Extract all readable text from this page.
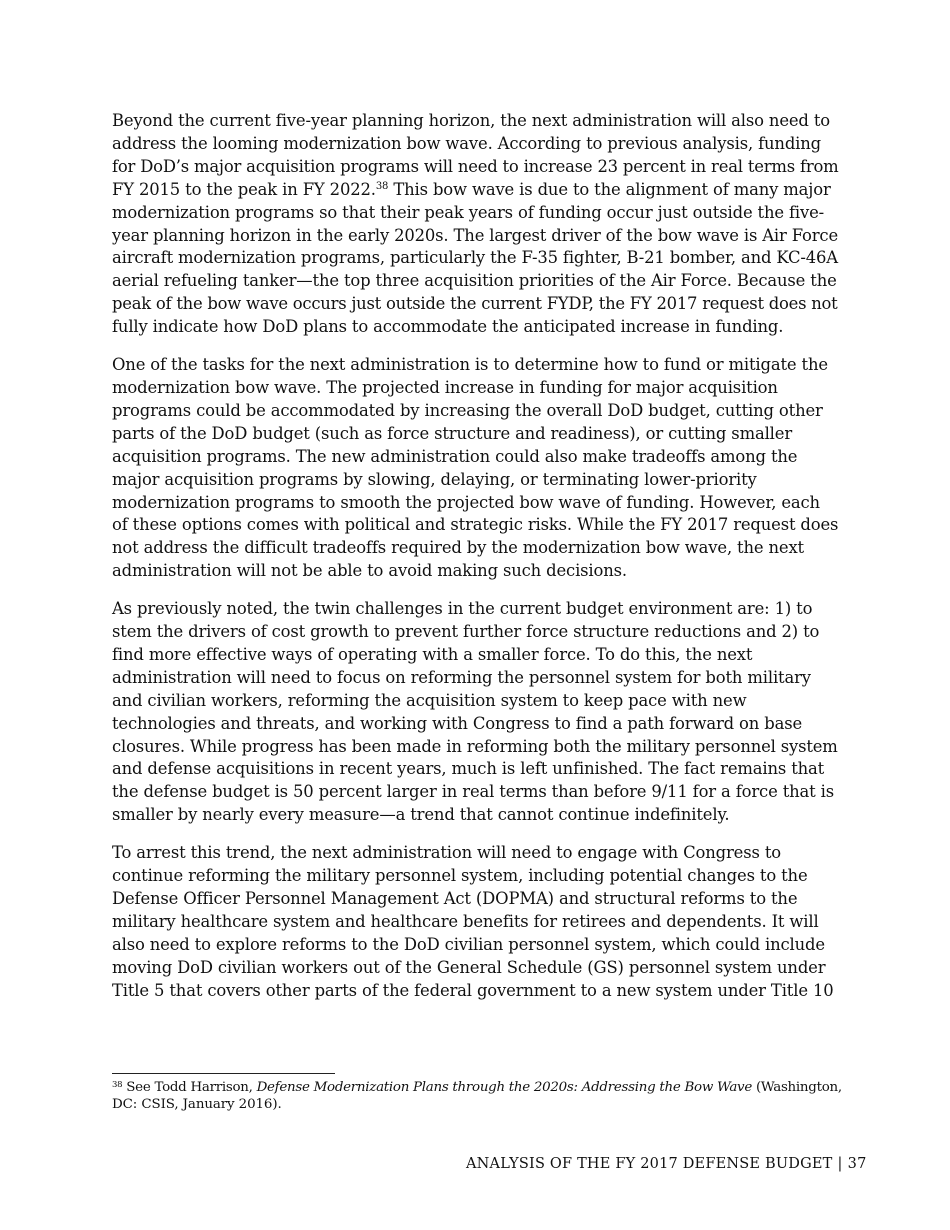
Beyond the current five-year planning horizon, the next administration will also need to
address the looming modernization bow wave. According to previous analysis, funding
for DoD’s major acquisition programs will need to increase 23 percent in real terms from
FY 2015 to the peak in FY 2022.38 This bow wave is due to the alignment of many major
modernization programs so that their peak years of funding occur just outside the five-
year planning horizon in the early 2020s. The largest driver of the bow wave is Air Force
aircraft modernization programs, particularly the F-35 fighter, B-21 bomber, and KC-46A
aerial refueling tanker—the top three acquisition priorities of the Air Force. Because the
peak of the bow wave occurs just outside the current FYDP, the FY 2017 request does not
fully indicate how DoD plans to accommodate the anticipated increase in funding.

One of the tasks for the next administration is to determine how to fund or mitigate the
modernization bow wave. The projected increase in funding for major acquisition
programs could be accommodated by increasing the overall DoD budget, cutting other
parts of the DoD budget (such as force structure and readiness), or cutting smaller
acquisition programs. The new administration could also make tradeoffs among the
major acquisition programs by slowing, delaying, or terminating lower-priority
modernization programs to smooth the projected bow wave of funding. However, each
of these options comes with political and strategic risks. While the FY 2017 request does
not address the difficult tradeoffs required by the modernization bow wave, the next
administration will not be able to avoid making such decisions.

As previously noted, the twin challenges in the current budget environment are: 1) to
stem the drivers of cost growth to prevent further force structure reductions and 2) to
find more effective ways of operating with a smaller force. To do this, the next
administration will need to focus on reforming the personnel system for both military
and civilian workers, reforming the acquisition system to keep pace with new
technologies and threats, and working with Congress to find a path forward on base
closures. While progress has been made in reforming both the military personnel system
and defense acquisitions in recent years, much is left unfinished. The fact remains that
the defense budget is 50 percent larger in real terms than before 9/11 for a force that is
smaller by nearly every measure—a trend that cannot continue indefinitely.

To arrest this trend, the next administration will need to engage with Congress to
continue reforming the military personnel system, including potential changes to the
Defense Officer Personnel Management Act (DOPMA) and structural reforms to the
military healthcare system and healthcare benefits for retirees and dependents. It will
also need to explore reforms to the DoD civilian personnel system, which could include
moving DoD civilian workers out of the General Schedule (GS) personnel system under
Title 5 that covers other parts of the federal government to a new system under Title 10

$^{38}$ See Todd Harrison, Defense Modernization Plans through the 2020s: Addressing the Bow Wave (Washington,
DC: CSIS, January 2016).
ANALYSIS OF THE FY 2017 DEFENSE BUDGET | 37
